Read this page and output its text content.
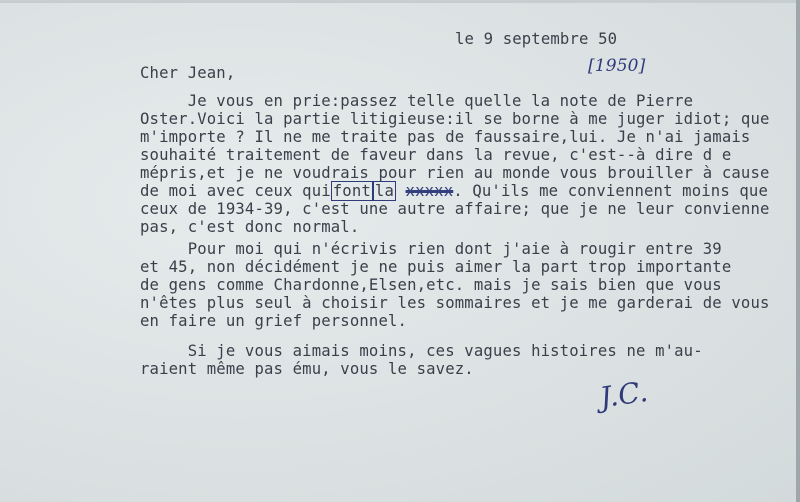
le 9 septembre 50
[1950]
Cher Jean,
Je vous en prie:passez telle quelle la note de Pierre
Oster.Voici la partie litigieuse:il se borne à me juger idiot; que
m'importe ? Il ne me traite pas de faussaire,lui. Je n'ai jamais
souhaité traitement de faveur dans la revue, c'est--à dire d e
mépris,et je ne voudrais pour rien au monde vous brouiller à cause
de moi avec ceux qui font la xxxxx. Qu'ils me conviennent moins que
ceux de 1934-39, c'est une autre affaire; que je ne leur convienne
pas, c'est donc normal.
Pour moi qui n'écrivis rien dont j'aie à rougir entre 39
et 45, non décidément je ne puis aimer la part trop importante
de gens comme Chardonne,Elsen,etc. mais je sais bien que vous
n'êtes plus seul à choisir les sommaires et je me garderai de vous
en faire un grief personnel.
Si je vous aimais moins, ces vagues histoires ne m'au-
raient même pas ému, vous le savez.
J.C.
